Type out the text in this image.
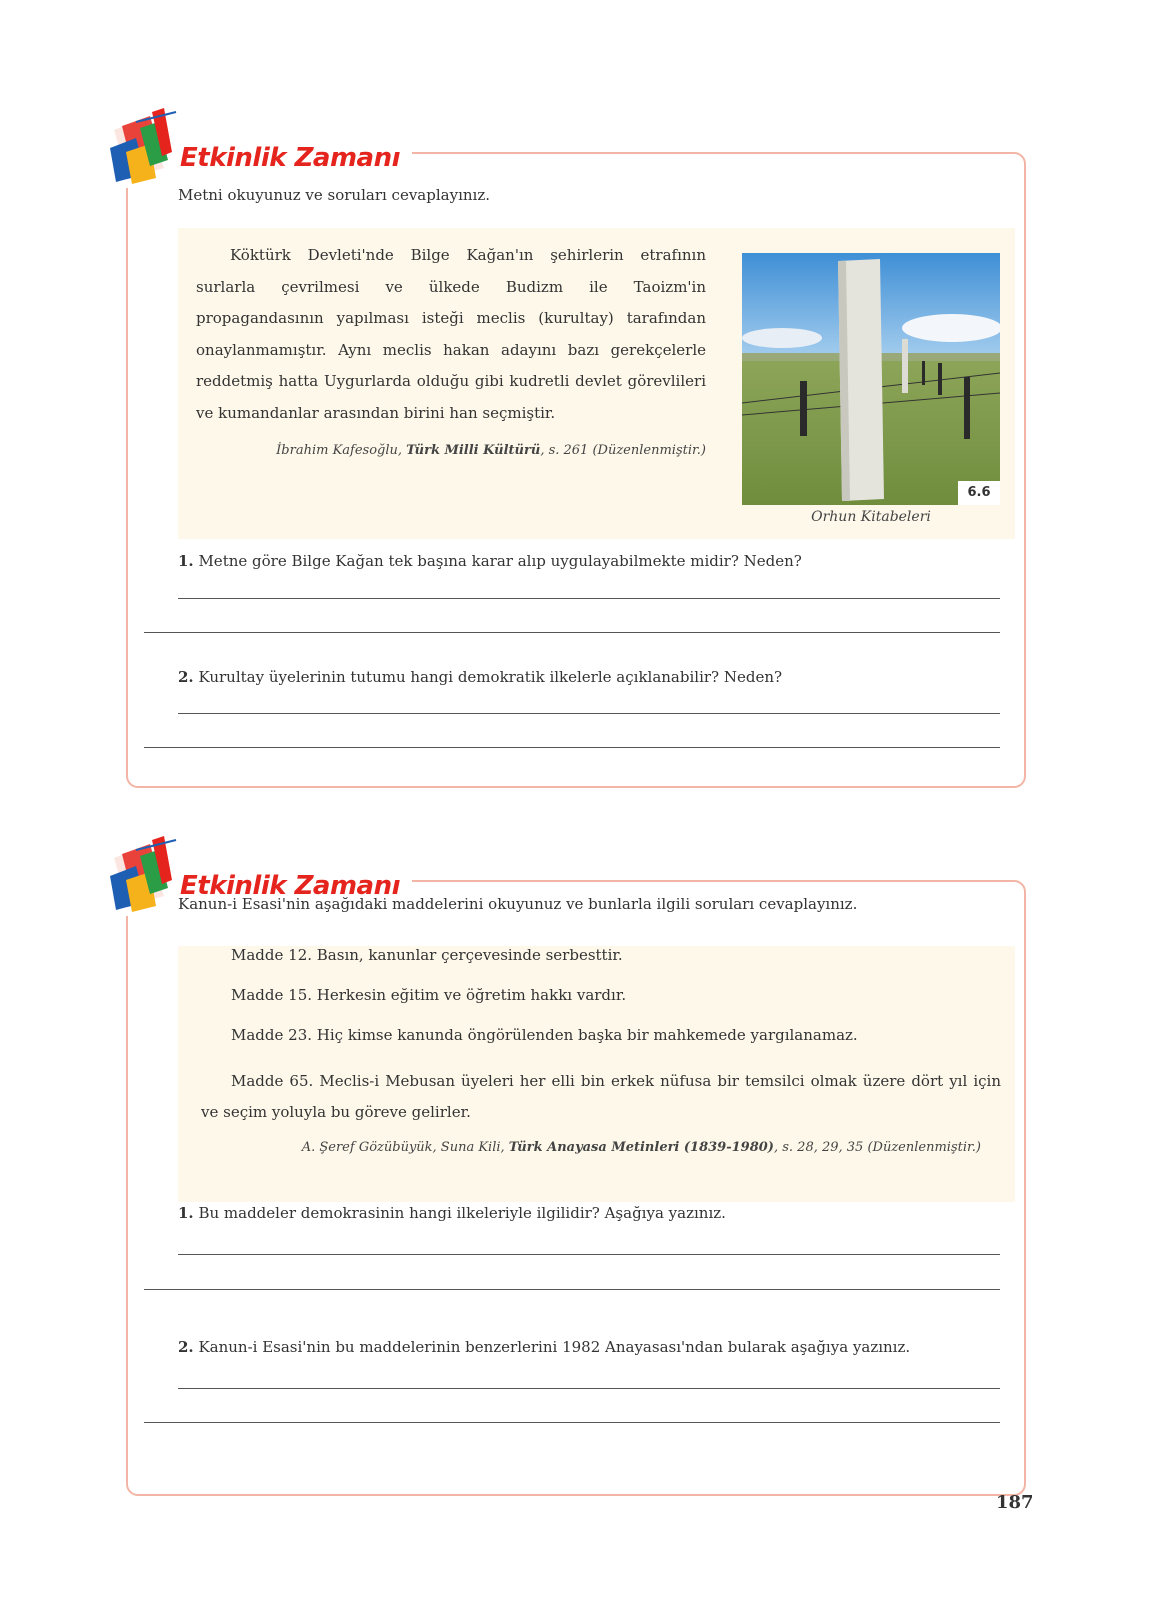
Etkinlik Zamanı
Metni okuyunuz ve soruları cevaplayınız.

Köktürk Devleti'nde Bilge Kağan'ın şehirlerin etrafının surlarla çevrilmesi ve ülkede Budizm ile Taoizm'in propagandasının yapılması isteği meclis (kurultay) tarafından onaylanmamıştır. Aynı meclis hakan adayını bazı gerekçelerle reddetmiş hatta Uygurlarda olduğu gibi kudretli devlet görevlileri ve kumandanlar arasından birini han seçmiştir.

İbrahim Kafesoğlu, Türk Milli Kültürü, s. 261 (Düzenlenmiştir.)
6.6
Orhun Kitabeleri
1. Metne göre Bilge Kağan tek başına karar alıp uygulayabilmekte midir? Neden?
2. Kurultay üyelerinin tutumu hangi demokratik ilkelerle açıklanabilir? Neden?
Etkinlik Zamanı
Kanun-i Esasi'nin aşağıdaki maddelerini okuyunuz ve bunlarla ilgili soruları cevaplayınız.
Madde 12. Basın, kanunlar çerçevesinde serbesttir.
Madde 15. Herkesin eğitim ve öğretim hakkı vardır.
Madde 23. Hiç kimse kanunda öngörülenden başka bir mahkemede yargılanamaz.
Madde 65. Meclis-i Mebusan üyeleri her elli bin erkek nüfusa bir temsilci olmak üzere dört yıl için ve seçim yoluyla bu göreve gelirler.
A. Şeref Gözübüyük, Suna Kili, Türk Anayasa Metinleri (1839-1980), s. 28, 29, 35 (Düzenlenmiştir.)
1. Bu maddeler demokrasinin hangi ilkeleriyle ilgilidir? Aşağıya yazınız.
2. Kanun-i Esasi'nin bu maddelerinin benzerlerini 1982 Anayasası'ndan bularak aşağıya yazınız.
187
